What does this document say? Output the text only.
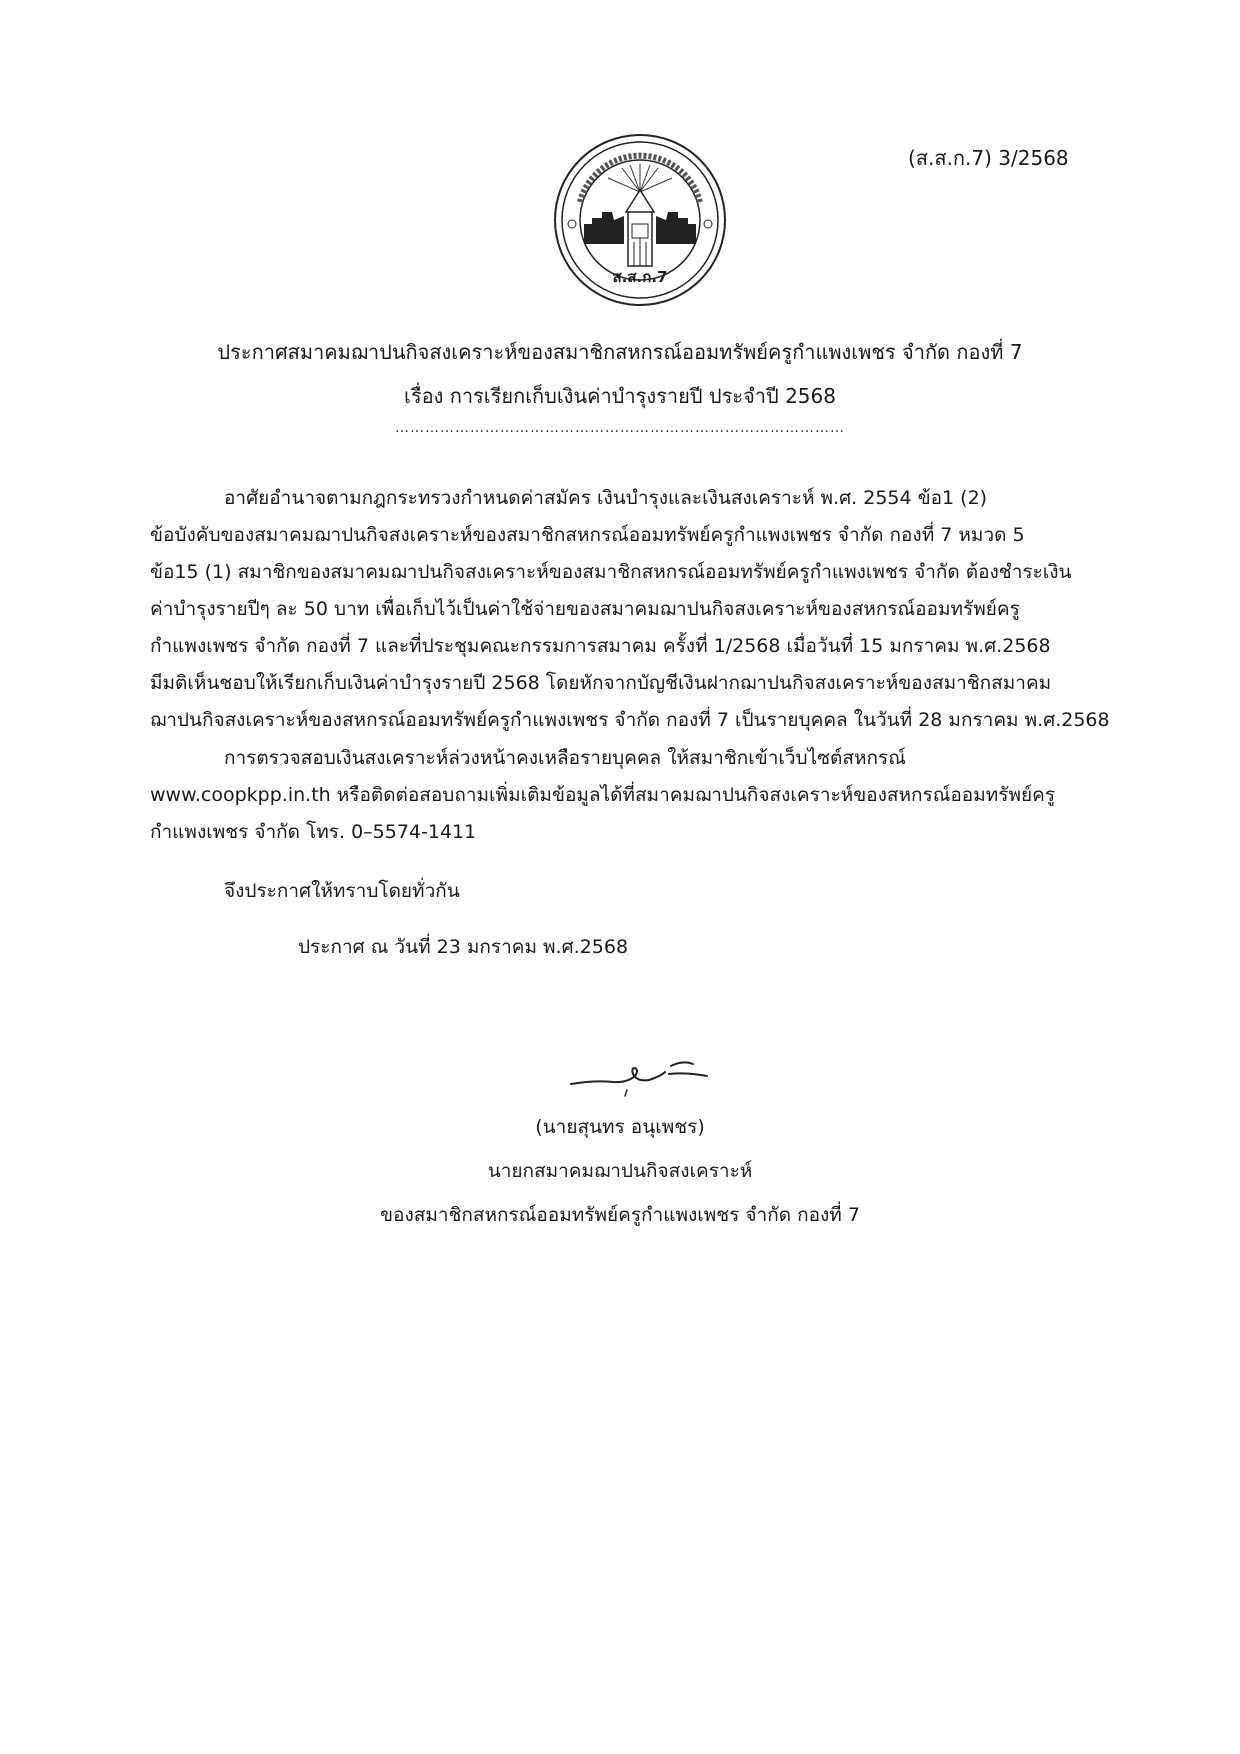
ส.ส.ก.7
(ส.ส.ก.7) 3/2568
ประกาศสมาคมฌาปนกิจสงเคราะห์ของสมาชิกสหกรณ์ออมทรัพย์ครูกำแพงเพชร จำกัด กองที่ 7
เรื่อง การเรียกเก็บเงินค่าบำรุงรายปี ประจำปี 2568
………………………………………………………………………………
อาศัยอำนาจตามกฎกระทรวงกำหนดค่าสมัคร เงินบำรุงและเงินสงเคราะห์ พ.ศ. 2554 ข้อ1 (2)
ข้อบังคับของสมาคมฌาปนกิจสงเคราะห์ของสมาชิกสหกรณ์ออมทรัพย์ครูกำแพงเพชร จำกัด กองที่ 7 หมวด 5
ข้อ15 (1) สมาชิกของสมาคมฌาปนกิจสงเคราะห์ของสมาชิกสหกรณ์ออมทรัพย์ครูกำแพงเพชร จำกัด ต้องชำระเงิน
ค่าบำรุงรายปีๆ ละ 50 บาท เพื่อเก็บไว้เป็นค่าใช้จ่ายของสมาคมฌาปนกิจสงเคราะห์ของสหกรณ์ออมทรัพย์ครู
กำแพงเพชร จำกัด กองที่ 7 และที่ประชุมคณะกรรมการสมาคม ครั้งที่ 1/2568 เมื่อวันที่ 15 มกราคม พ.ศ.2568
มีมติเห็นชอบให้เรียกเก็บเงินค่าบำรุงรายปี 2568 โดยหักจากบัญชีเงินฝากฌาปนกิจสงเคราะห์ของสมาชิกสมาคม
ฌาปนกิจสงเคราะห์ของสหกรณ์ออมทรัพย์ครูกำแพงเพชร จำกัด กองที่ 7 เป็นรายบุคคล ในวันที่ 28 มกราคม พ.ศ.2568
การตรวจสอบเงินสงเคราะห์ล่วงหน้าคงเหลือรายบุคคล ให้สมาชิกเข้าเว็บไซต์สหกรณ์
www.coopkpp.in.th หรือติดต่อสอบถามเพิ่มเติมข้อมูลได้ที่สมาคมฌาปนกิจสงเคราะห์ของสหกรณ์ออมทรัพย์ครู
กำแพงเพชร จำกัด โทร. 0–5574-1411
จึงประกาศให้ทราบโดยทั่วกัน
ประกาศ ณ วันที่ 23 มกราคม พ.ศ.2568
(นายสุนทร อนุเพชร)
นายกสมาคมฌาปนกิจสงเคราะห์
ของสมาชิกสหกรณ์ออมทรัพย์ครูกำแพงเพชร จำกัด กองที่ 7
